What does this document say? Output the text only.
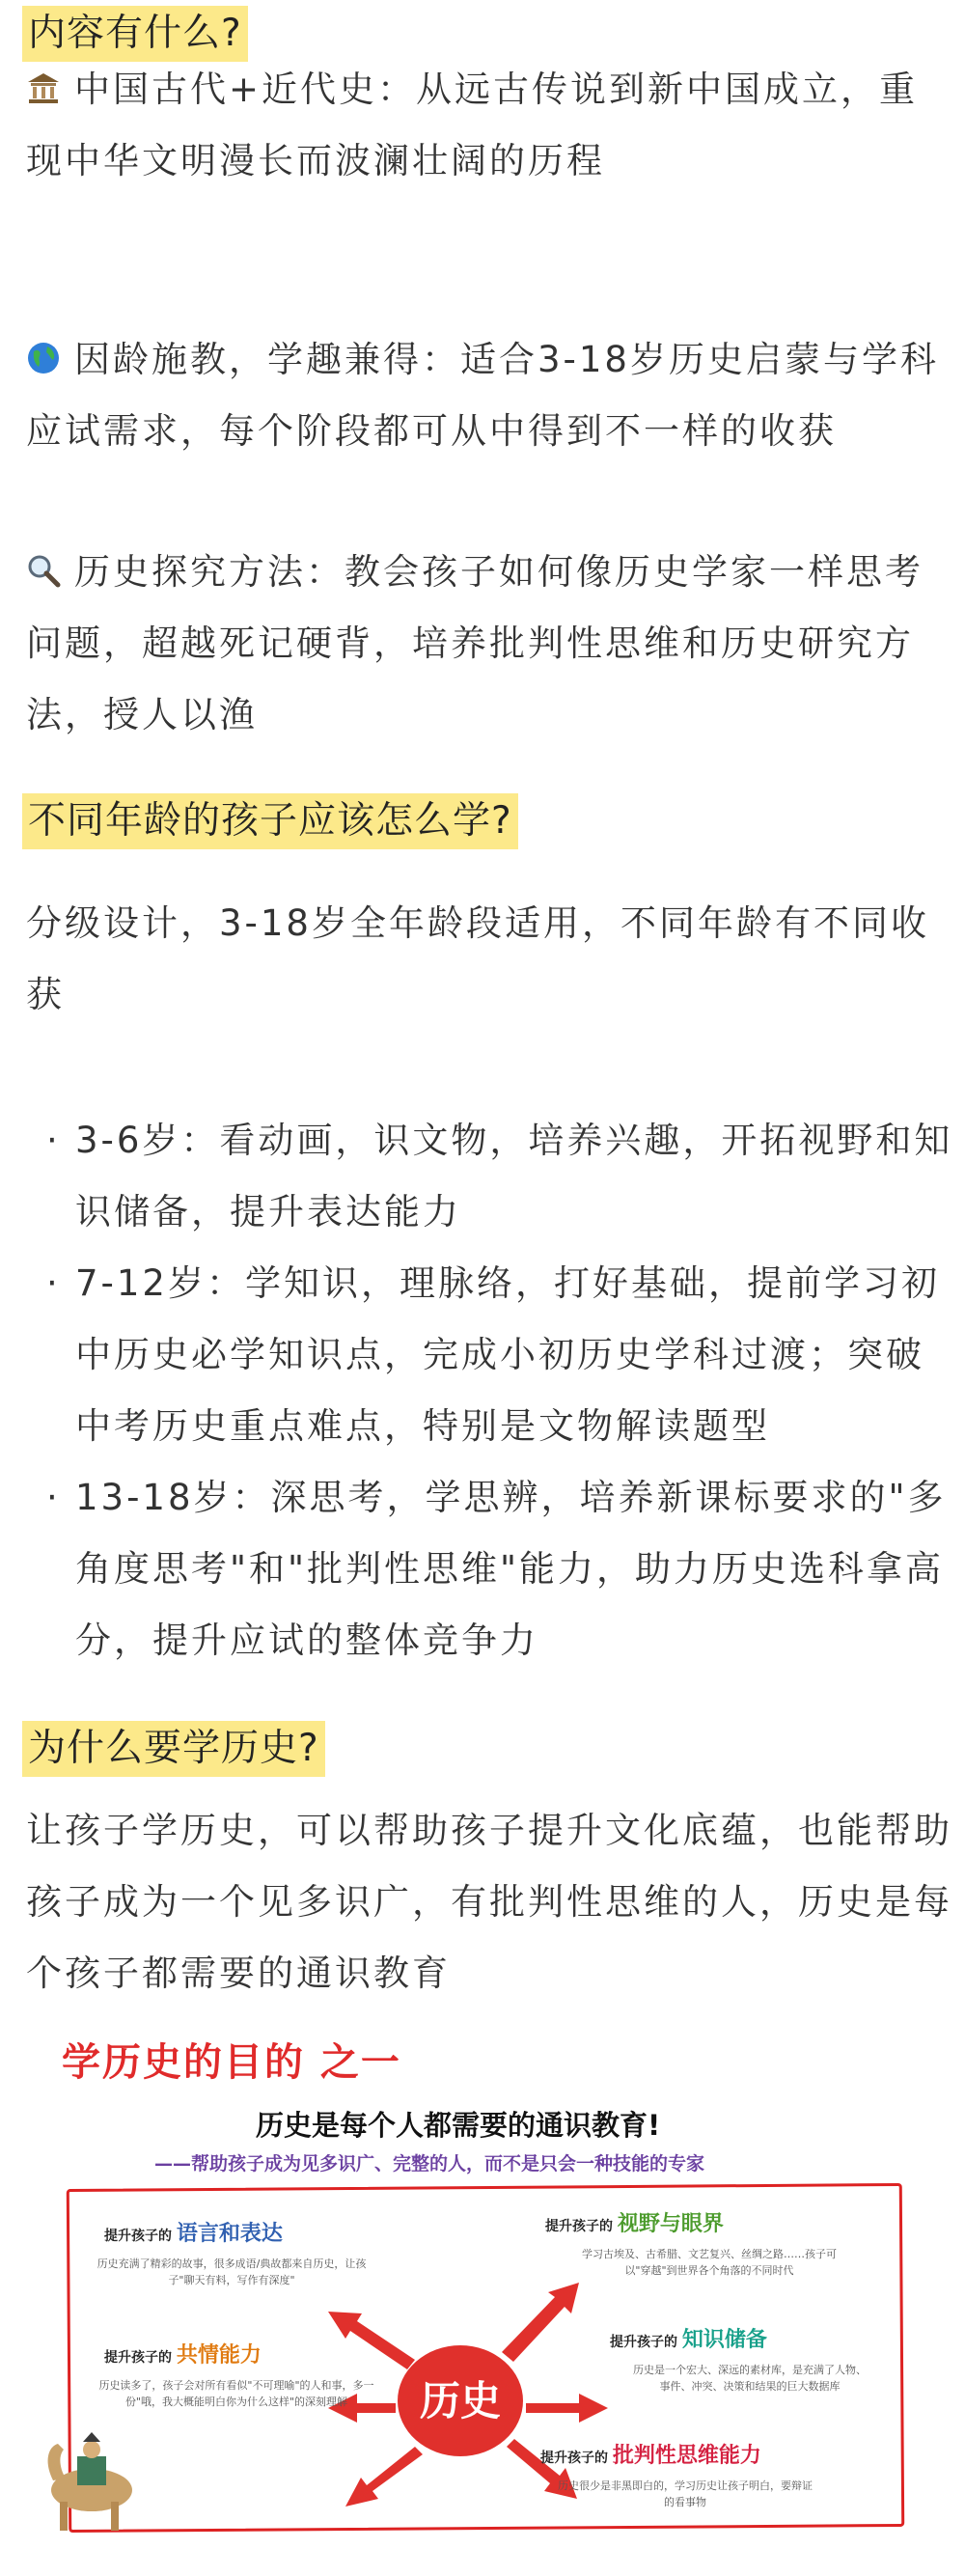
内容有什么?

中国古代+近代史：从远古传说到新中国成立，重现中华文明漫长而波澜壮阔的历程

因龄施教，学趣兼得：适合3-18岁历史启蒙与学科应试需求，每个阶段都可从中得到不一样的收获

历史探究方法：教会孩子如何像历史学家一样思考问题，超越死记硬背，培养批判性思维和历史研究方法，授人以渔

不同年龄的孩子应该怎么学?

分级设计，3-18岁全年龄段适用，不同年龄有不同收获

· 3-6岁：看动画，识文物，培养兴趣，开拓视野和知识储备，提升表达能力
· 7-12岁：学知识，理脉络，打好基础，提前学习初中历史必学知识点，完成小初历史学科过渡；突破中考历史重点难点，特别是文物解读题型
· 13-18岁：深思考，学思辨，培养新课标要求的"多角度思考"和"批判性思维"能力，助力历史选科拿高分，提升应试的整体竞争力
为什么要学历史?

让孩子学历史，可以帮助孩子提升文化底蕴，也能帮助孩子成为一个见多识广，有批判性思维的人，历史是每个孩子都需要的通识教育

学历史的目的 之一
历史是每个人都需要的通识教育!
——帮助孩子成为见多识广、完整的人，而不是只会一种技能的专家
历史
提升孩子的 语言和表达
历史充满了精彩的故事，很多成语/典故都来自历史，让孩子"聊天有料，写作有深度"
提升孩子的 视野与眼界
学习古埃及、古希腊、文艺复兴、丝绸之路……孩子可以"穿越"到世界各个角落的不同时代
提升孩子的 共情能力
历史读多了，孩子会对所有看似"不可理喻"的人和事，多一份"哦，我大概能明白你为什么这样"的深刻理解
提升孩子的 知识储备
历史是一个宏大、深远的素材库，是充满了人物、事件、冲突、决策和结果的巨大数据库
提升孩子的 批判性思维能力
历史很少是非黑即白的，学习历史让孩子明白，要辩证的看事物
